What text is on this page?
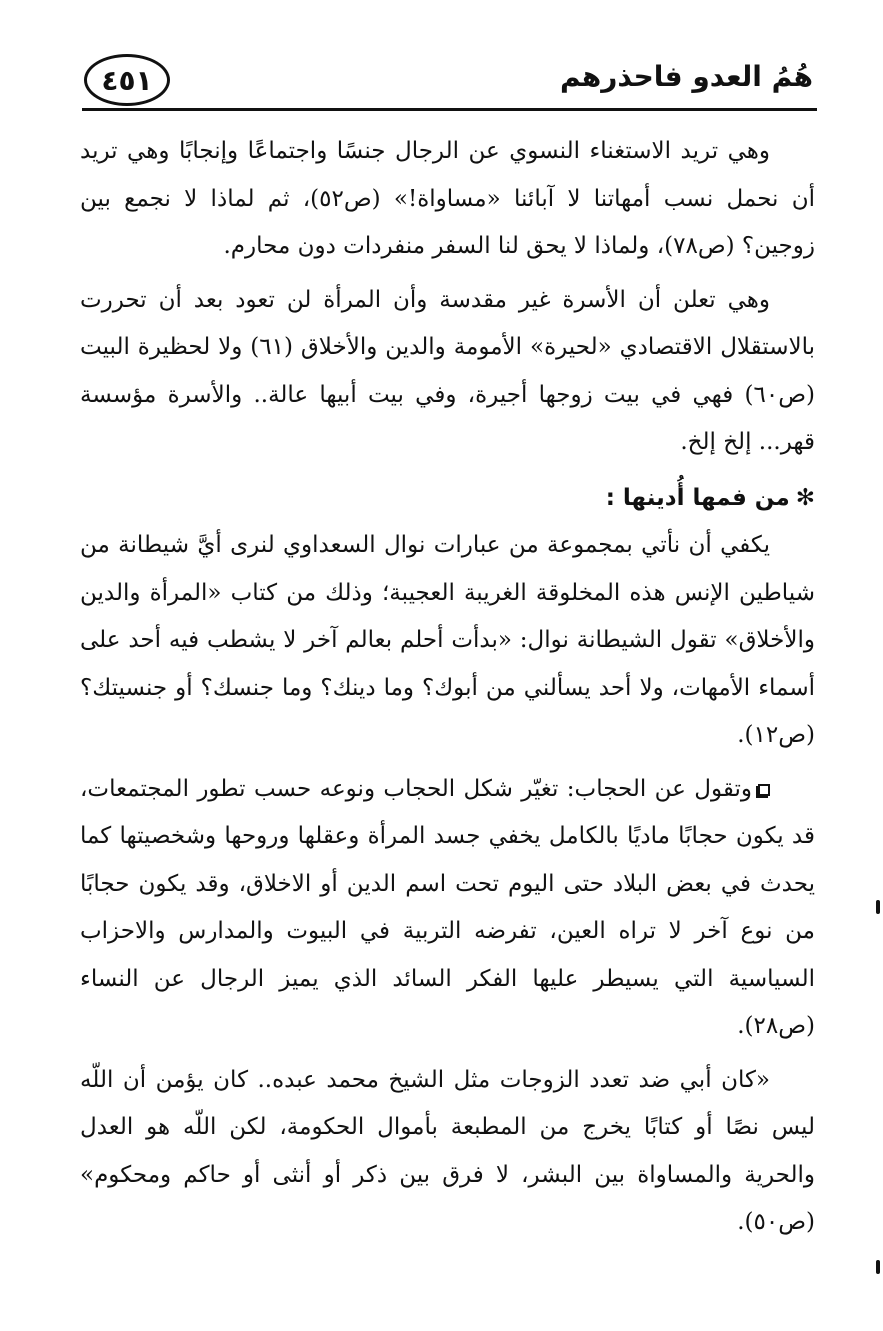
هُمُ العدو فاحذرهم
٤٥١

وهي تريد الاستغناء النسوي عن الرجال جنسًا واجتماعًا وإنجابًا وهي تريد أن نحمل نسب أمهاتنا لا آبائنا «مساواة!» (ص٥٢)، ثم لماذا لا نجمع بين زوجين؟ (ص٧٨)، ولماذا لا يحق لنا السفر منفردات دون محارم.

وهي تعلن أن الأسرة غير مقدسة وأن المرأة لن تعود بعد أن تحررت بالاستقلال الاقتصادي «لحيرة» الأمومة والدين والأخلاق (٦١) ولا لحظيرة البيت (ص٦٠) فهي في بيت زوجها أجيرة، وفي بيت أبيها عالة.. والأسرة مؤسسة قهر... إلخ إلخ.

✻من فمها أُدينها :

يكفي أن نأتي بمجموعة من عبارات نوال السعداوي لنرى أيَّ شيطانة من شياطين الإنس هذه المخلوقة الغريبة العجيبة؛ وذلك من كتاب «المرأة والدين والأخلاق» تقول الشيطانة نوال: «بدأت أحلم بعالم آخر لا يشطب فيه أحد على أسماء الأمهات، ولا أحد يسألني من أبوك؟ وما دينك؟ وما جنسك؟ أو جنسيتك؟(ص١٢).

وتقول عن الحجاب: تغيّر شكل الحجاب ونوعه حسب تطور المجتمعات، قد يكون حجابًا ماديًا بالكامل يخفي جسد المرأة وعقلها وروحها وشخصيتها كما يحدث في بعض البلاد حتى اليوم تحت اسم الدين أو الاخلاق، وقد يكون حجابًا من نوع آخر لا تراه العين، تفرضه التربية في البيوت والمدارس والاحزاب السياسية التي يسيطر عليها الفكر السائد الذي يميز الرجال عن النساء (ص٢٨).

«كان أبي ضد تعدد الزوجات مثل الشيخ محمد عبده.. كان يؤمن أن اللّه ليس نصًا أو كتابًا يخرج من المطبعة بأموال الحكومة، لكن اللّه هو العدل والحرية والمساواة بين البشر، لا فرق بين ذكر أو أنثى أو حاكم ومحكوم» (ص٥٠).
